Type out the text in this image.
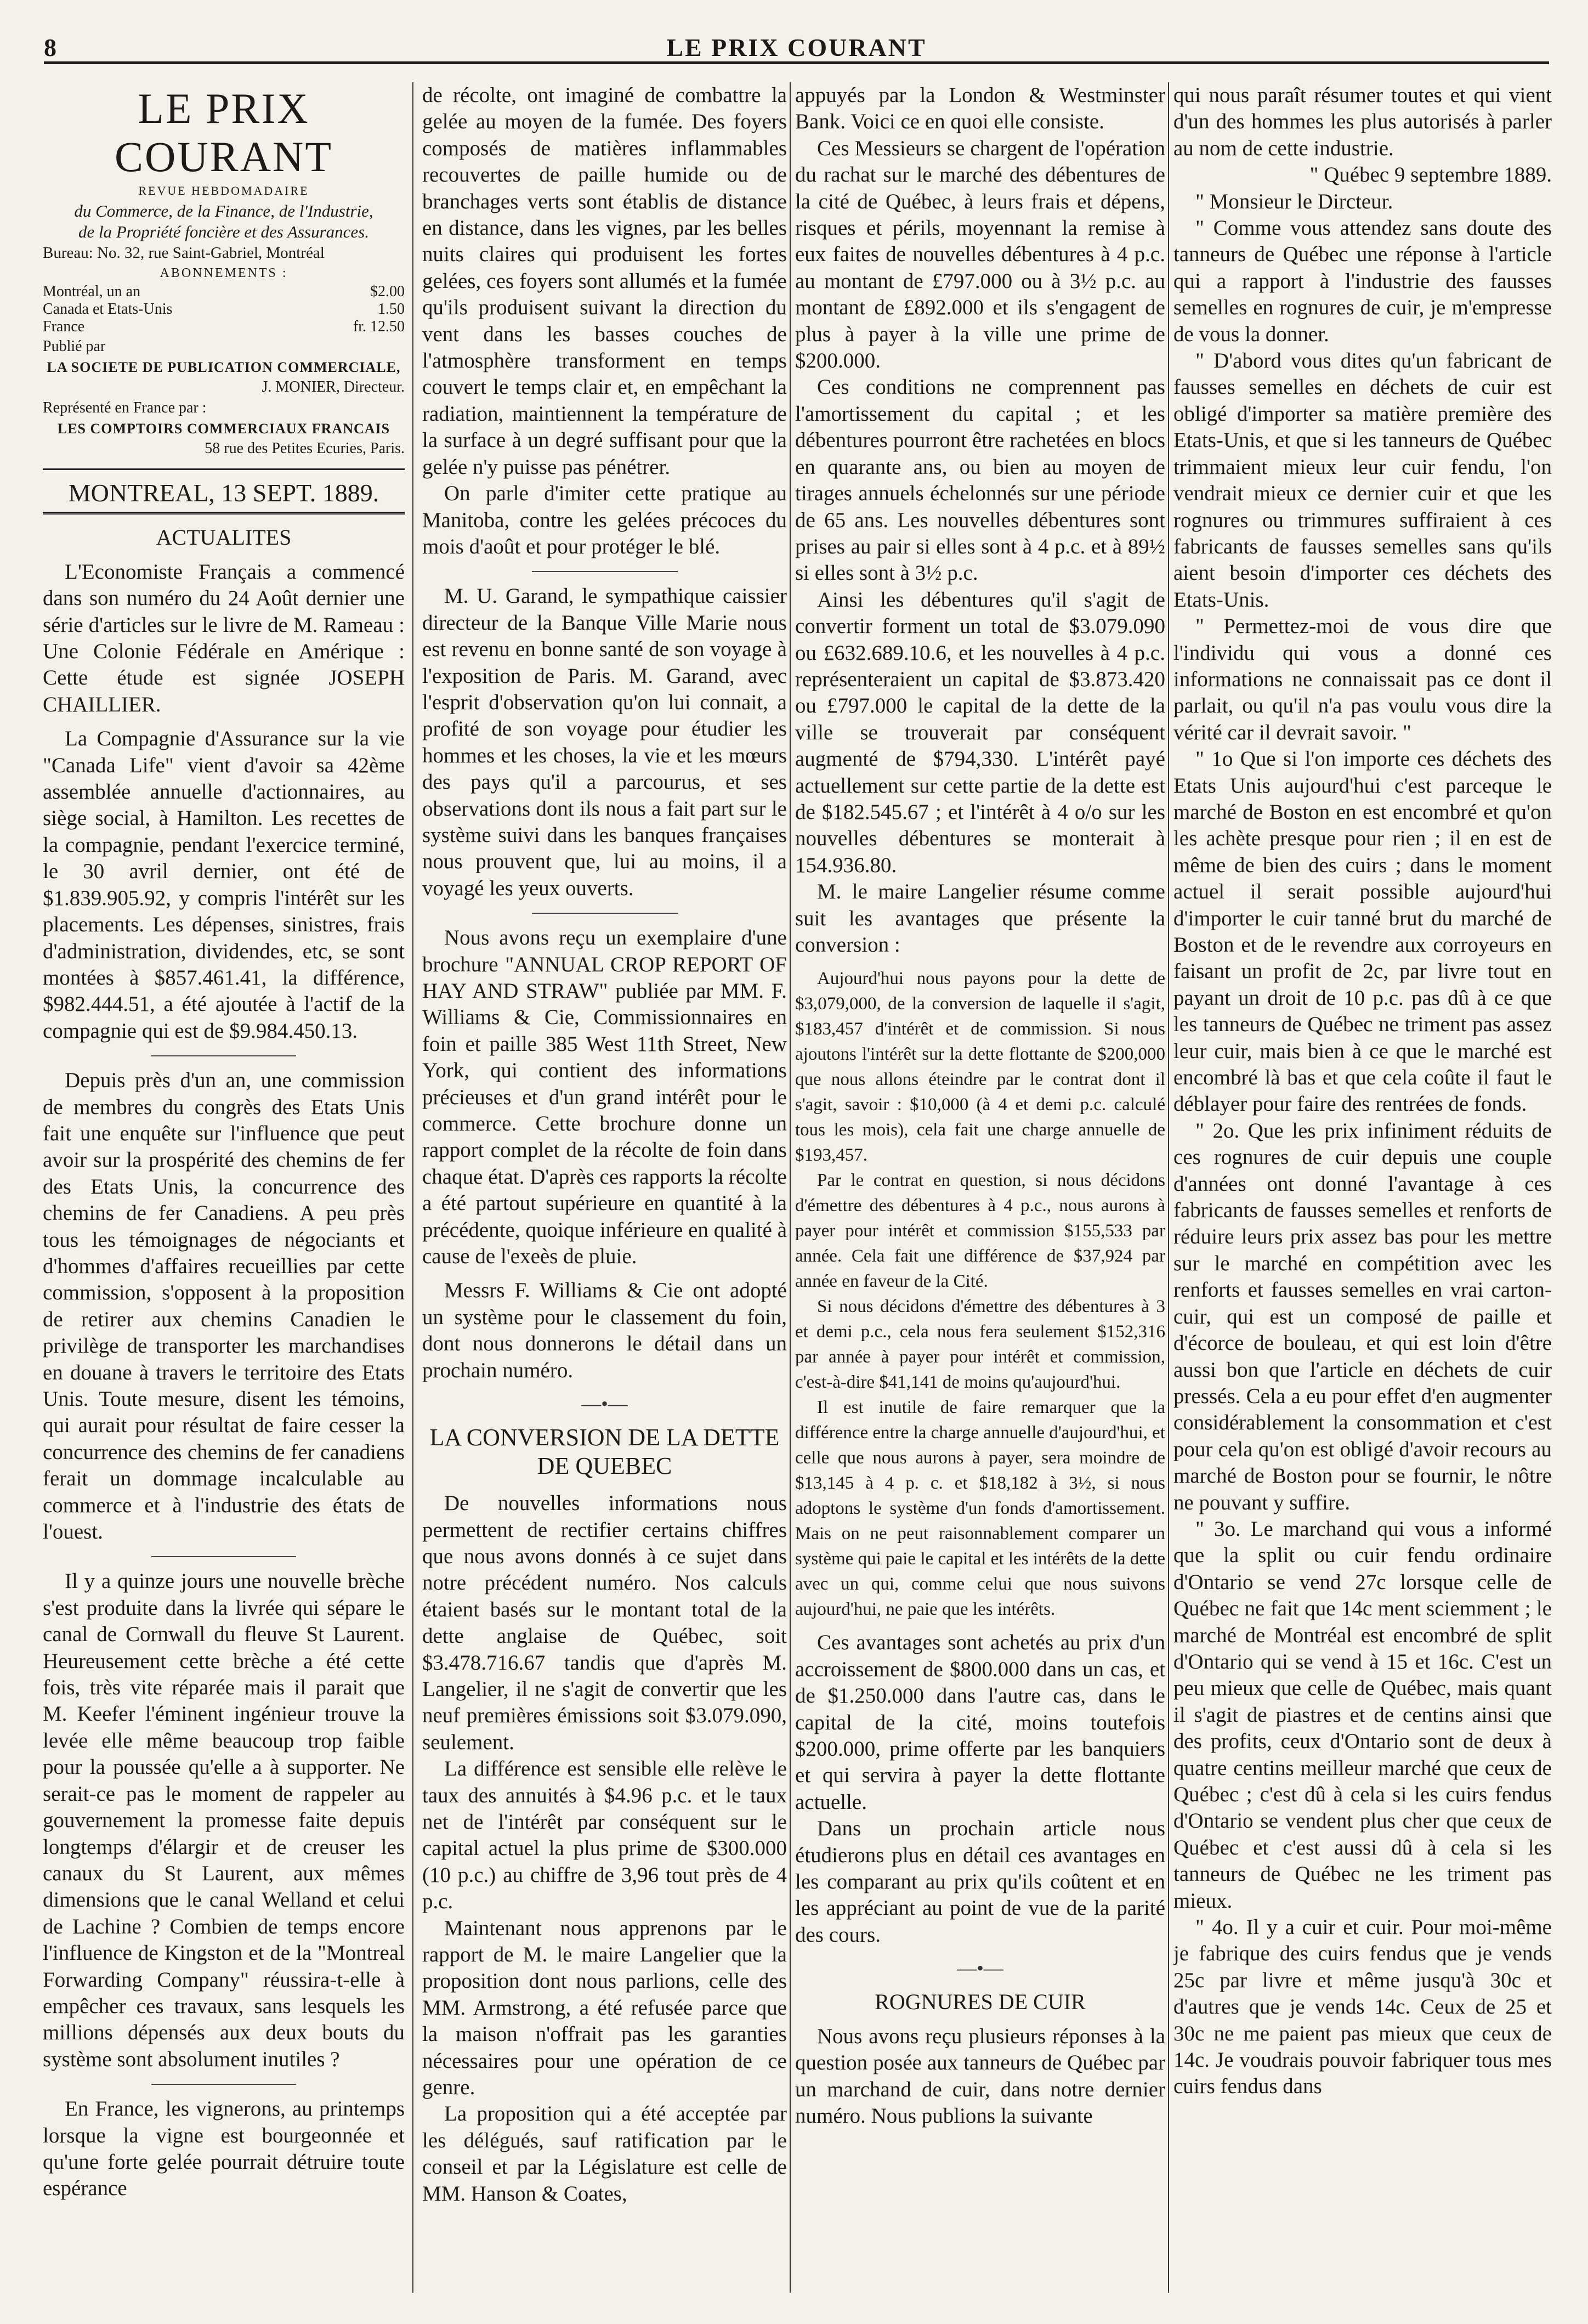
8	LE PRIX COURANT
LE PRIX COURANT
REVUE HEBDOMADAIRE
du Commerce, de la Finance, de l'Industrie,
de la Propriété foncière et des Assurances.
Bureau: No. 32, rue Saint-Gabriel, Montréal
ABONNEMENTS :
Montréal, un an	$2.00
Canada et Etats-Unis	1.50
France	fr. 12.50
Publié par
LA SOCIETE DE PUBLICATION COMMERCIALE,
J. MONIER, Directeur.
Représenté en France par :
LES COMPTOIRS COMMERCIAUX FRANCAIS
58 rue des Petites Ecuries, Paris.
MONTREAL, 13 SEPT. 1889.
ACTUALITES

L'Economiste Français a commencé dans son numéro du 24 Août dernier une série d'articles sur le livre de M. Rameau : Une Colonie Fédérale en Amérique : Cette étude est signée JOSEPH CHAILLIER.

La Compagnie d'Assurance sur la vie "Canada Life" vient d'avoir sa 42ème assemblée annuelle d'actionnaires, au siège social, à Hamilton. Les recettes de la compagnie, pendant l'exercice terminé, le 30 avril dernier, ont été de $1.839.905.92, y compris l'intérêt sur les placements. Les dépenses, sinistres, frais d'administration, dividendes, etc, se sont montées à $857.461.41, la différence, $982.444.51, a été ajoutée à l'actif de la compagnie qui est de $9.984.450.13.

Depuis près d'un an, une commission de membres du congrès des Etats Unis fait une enquête sur l'influence que peut avoir sur la prospérité des chemins de fer des Etats Unis, la concurrence des chemins de fer Canadiens. A peu près tous les témoignages de négociants et d'hommes d'affaires recueillies par cette commission, s'opposent à la proposition de retirer aux chemins Canadien le privilège de transporter les marchandises en douane à travers le territoire des Etats Unis. Toute mesure, disent les témoins, qui aurait pour résultat de faire cesser la concurrence des chemins de fer canadiens ferait un dommage incalculable au commerce et à l'industrie des états de l'ouest.

Il y a quinze jours une nouvelle brèche s'est produite dans la livrée qui sépare le canal de Cornwall du fleuve St Laurent. Heureusement cette brèche a été cette fois, très vite réparée mais il parait que M. Keefer l'éminent ingénieur trouve la levée elle même beaucoup trop faible pour la poussée qu'elle a à supporter. Ne serait-ce pas le moment de rappeler au gouvernement la promesse faite depuis longtemps d'élargir et de creuser les canaux du St Laurent, aux mêmes dimensions que le canal Welland et celui de Lachine ? Combien de temps encore l'influence de Kingston et de la "Montreal Forwarding Company" réussira-t-elle à empêcher ces travaux, sans lesquels les millions dépensés aux deux bouts du système sont absolument inutiles ?

En France, les vignerons, au printemps lorsque la vigne est bourgeonnée et qu'une forte gelée pourrait détruire toute espérance

de récolte, ont imaginé de combattre la gelée au moyen de la fumée. Des foyers composés de matières inflammables recouvertes de paille humide ou de branchages verts sont établis de distance en distance, dans les vignes, par les belles nuits claires qui produisent les fortes gelées, ces foyers sont allumés et la fumée qu'ils produisent suivant la direction du vent dans les basses couches de l'atmosphère transforment en temps couvert le temps clair et, en empêchant la radiation, maintiennent la température de la surface à un degré suffisant pour que la gelée n'y puisse pas pénétrer.

On parle d'imiter cette pratique au Manitoba, contre les gelées précoces du mois d'août et pour protéger le blé.

M. U. Garand, le sympathique caissier directeur de la Banque Ville Marie nous est revenu en bonne santé de son voyage à l'exposition de Paris. M. Garand, avec l'esprit d'observation qu'on lui connait, a profité de son voyage pour étudier les hommes et les choses, la vie et les mœurs des pays qu'il a parcourus, et ses observations dont ils nous a fait part sur le système suivi dans les banques françaises nous prouvent que, lui au moins, il a voyagé les yeux ouverts.

Nous avons reçu un exemplaire d'une brochure "ANNUAL CROP REPORT OF HAY AND STRAW" publiée par MM. F. Williams & Cie, Commissionnaires en foin et paille 385 West 11th Street, New York, qui contient des informations précieuses et d'un grand intérêt pour le commerce. Cette brochure donne un rapport complet de la récolte de foin dans chaque état. D'après ces rapports la récolte a été partout supérieure en quantité à la précédente, quoique inférieure en qualité à cause de l'exeès de pluie.

Messrs F. Williams & Cie ont adopté un système pour le classement du foin, dont nous donnerons le détail dans un prochain numéro.

—•—
LA CONVERSION DE LA DETTE DE QUEBEC

De nouvelles informations nous permettent de rectifier certains chiffres que nous avons donnés à ce sujet dans notre précédent numéro. Nos calculs étaient basés sur le montant total de la dette anglaise de Québec, soit $3.478.716.67 tandis que d'après M. Langelier, il ne s'agit de convertir que les neuf premières émissions soit $3.079.090, seulement.

La différence est sensible elle relève le taux des annuités à $4.96 p.c. et le taux net de l'intérêt par conséquent sur le capital actuel la plus prime de $300.000 (10 p.c.) au chiffre de 3,96 tout près de 4 p.c.

Maintenant nous apprenons par le rapport de M. le maire Langelier que la proposition dont nous parlions, celle des MM. Armstrong, a été refusée parce que la maison n'offrait pas les garanties nécessaires pour une opération de ce genre.

La proposition qui a été acceptée par les délégués, sauf ratification par le conseil et par la Législature est celle de MM. Hanson & Coates,

appuyés par la London & Westminster Bank. Voici ce en quoi elle consiste.

Ces Messieurs se chargent de l'opération du rachat sur le marché des débentures de la cité de Québec, à leurs frais et dépens, risques et périls, moyennant la remise à eux faites de nouvelles débentures à 4 p.c. au montant de £797.000 ou à 3½ p.c. au montant de £892.000 et ils s'engagent de plus à payer à la ville une prime de $200.000.

Ces conditions ne comprennent pas l'amortissement du capital ; et les débentures pourront être rachetées en blocs en quarante ans, ou bien au moyen de tirages annuels échelonnés sur une période de 65 ans. Les nouvelles débentures sont prises au pair si elles sont à 4 p.c. et à 89½ si elles sont à 3½ p.c.

Ainsi les débentures qu'il s'agit de convertir forment un total de $3.079.090 ou £632.689.10.6, et les nouvelles à 4 p.c. représenteraient un capital de $3.873.420 ou £797.000 le capital de la dette de la ville se trouverait par conséquent augmenté de $794,330. L'intérêt payé actuellement sur cette partie de la dette est de $182.545.67 ; et l'intérêt à 4 o/o sur les nouvelles débentures se monterait à 154.936.80.

M. le maire Langelier résume comme suit les avantages que présente la conversion :

Aujourd'hui nous payons pour la dette de $3,079,000, de la conversion de laquelle il s'agit, $183,457 d'intérêt et de commission. Si nous ajoutons l'intérêt sur la dette flottante de $200,000 que nous allons éteindre par le contrat dont il s'agit, savoir : $10,000 (à 4 et demi p.c. calculé tous les mois), cela fait une charge annuelle de $193,457.

Par le contrat en question, si nous décidons d'émettre des débentures à 4 p.c., nous aurons à payer pour intérêt et commission $155,533 par année. Cela fait une différence de $37,924 par année en faveur de la Cité.

Si nous décidons d'émettre des débentures à 3 et demi p.c., cela nous fera seulement $152,316 par année à payer pour intérêt et commission, c'est-à-dire $41,141 de moins qu'aujourd'hui.

Il est inutile de faire remarquer que la différence entre la charge annuelle d'aujourd'hui, et celle que nous aurons à payer, sera moindre de $13,145 à 4 p. c. et $18,182 à 3½, si nous adoptons le système d'un fonds d'amortissement. Mais on ne peut raisonnablement comparer un système qui paie le capital et les intérêts de la dette avec un qui, comme celui que nous suivons aujourd'hui, ne paie que les intérêts.

Ces avantages sont achetés au prix d'un accroissement de $800.000 dans un cas, et de $1.250.000 dans l'autre cas, dans le capital de la cité, moins toutefois $200.000, prime offerte par les banquiers et qui servira à payer la dette flottante actuelle.

Dans un prochain article nous étudierons plus en détail ces avantages en les comparant au prix qu'ils coûtent et en les appréciant au point de vue de la parité des cours.

—•—
ROGNURES DE CUIR

Nous avons reçu plusieurs réponses à la question posée aux tanneurs de Québec par un marchand de cuir, dans notre dernier numéro. Nous publions la suivante

qui nous paraît résumer toutes et qui vient d'un des hommes les plus autorisés à parler au nom de cette industrie.

" Québec 9 septembre 1889.

" Monsieur le Dircteur.

" Comme vous attendez sans doute des tanneurs de Québec une réponse à l'article qui a rapport à l'industrie des fausses semelles en rognures de cuir, je m'empresse de vous la donner.

" D'abord vous dites qu'un fabricant de fausses semelles en déchets de cuir est obligé d'importer sa matière première des Etats-Unis, et que si les tanneurs de Québec trimmaient mieux leur cuir fendu, l'on vendrait mieux ce dernier cuir et que les rognures ou trimmures suffiraient à ces fabricants de fausses semelles sans qu'ils aient besoin d'importer ces déchets des Etats-Unis.

" Permettez-moi de vous dire que l'individu qui vous a donné ces informations ne connaissait pas ce dont il parlait, ou qu'il n'a pas voulu vous dire la vérité car il devrait savoir. "

" 1o Que si l'on importe ces déchets des Etats Unis aujourd'hui c'est parceque le marché de Boston en est encombré et qu'on les achète presque pour rien ; il en est de même de bien des cuirs ; dans le moment actuel il serait possible aujourd'hui d'importer le cuir tanné brut du marché de Boston et de le revendre aux corroyeurs en faisant un profit de 2c, par livre tout en payant un droit de 10 p.c. pas dû à ce que les tanneurs de Québec ne triment pas assez leur cuir, mais bien à ce que le marché est encombré là bas et que cela coûte il faut le déblayer pour faire des rentrées de fonds.

" 2o. Que les prix infiniment réduits de ces rognures de cuir depuis une couple d'années ont donné l'avantage à ces fabricants de fausses semelles et renforts de réduire leurs prix assez bas pour les mettre sur le marché en compétition avec les renforts et fausses semelles en vrai carton-cuir, qui est un composé de paille et d'écorce de bouleau, et qui est loin d'être aussi bon que l'article en déchets de cuir pressés. Cela a eu pour effet d'en augmenter considérablement la consommation et c'est pour cela qu'on est obligé d'avoir recours au marché de Boston pour se fournir, le nôtre ne pouvant y suffire.

" 3o. Le marchand qui vous a informé que la split ou cuir fendu ordinaire d'Ontario se vend 27c lorsque celle de Québec ne fait que 14c ment sciemment ; le marché de Montréal est encombré de split d'Ontario qui se vend à 15 et 16c. C'est un peu mieux que celle de Québec, mais quant il s'agit de piastres et de centins ainsi que des profits, ceux d'Ontario sont de deux à quatre centins meilleur marché que ceux de Québec ; c'est dû à cela si les cuirs fendus d'Ontario se vendent plus cher que ceux de Québec et c'est aussi dû à cela si les tanneurs de Québec ne les triment pas mieux.

" 4o. Il y a cuir et cuir. Pour moi-même je fabrique des cuirs fendus que je vends 25c par livre et même jusqu'à 30c et d'autres que je vends 14c. Ceux de 25 et 30c ne me paient pas mieux que ceux de 14c. Je voudrais pouvoir fabriquer tous mes cuirs fendus dans
